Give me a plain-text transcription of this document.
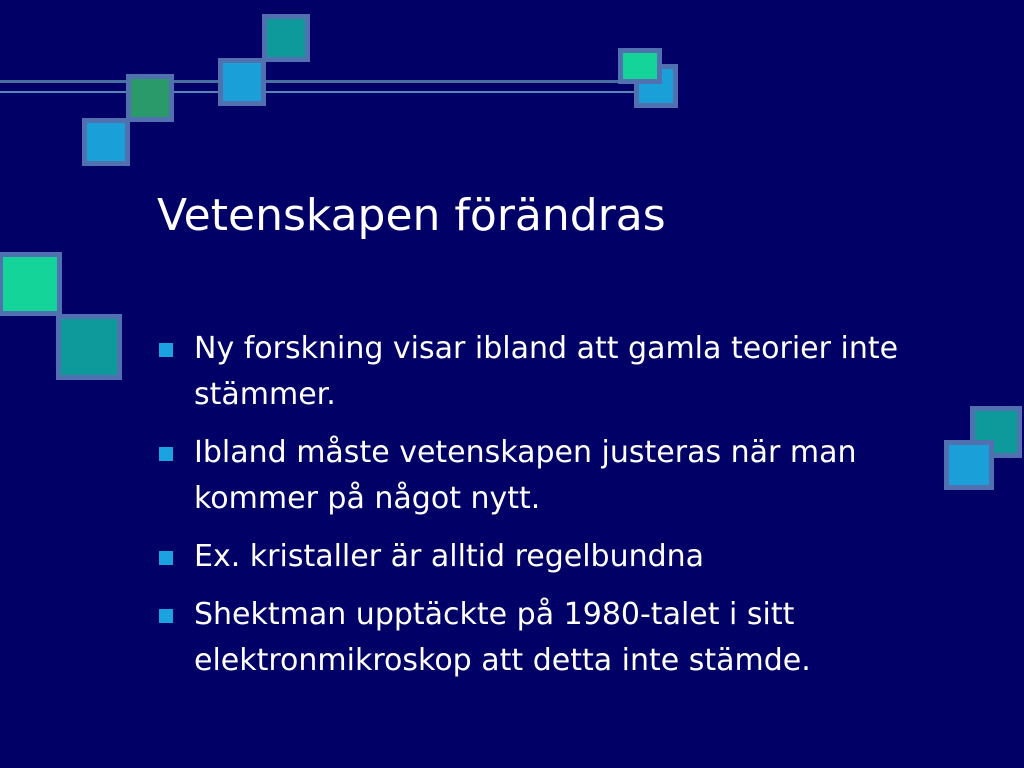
Vetenskapen förändras
Ny forskning visar ibland att gamla teorier inte stämmer.
Ibland måste vetenskapen justeras när man kommer på något nytt.
Ex. kristaller är alltid regelbundna
Shektman upptäckte på 1980-talet i sitt elektronmikroskop att detta inte stämde.
